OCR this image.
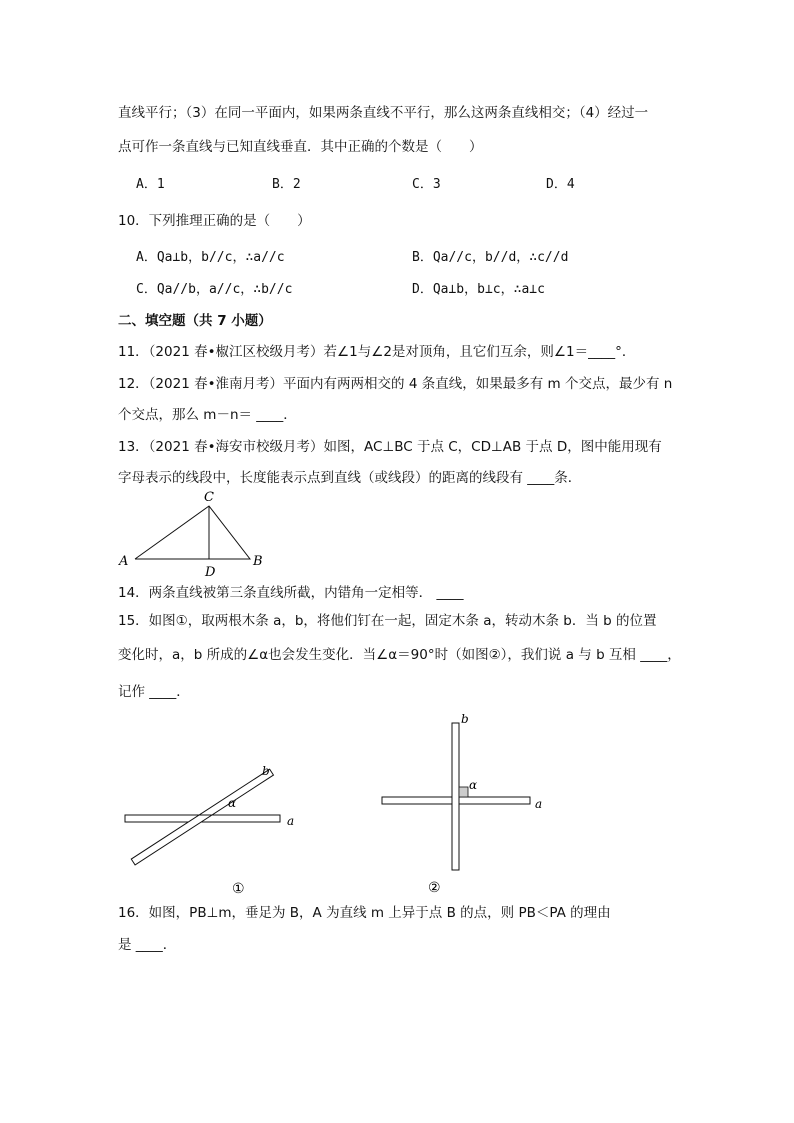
直线平行；（3）在同一平面内，如果两条直线不平行，那么这两条直线相交；（4）经过一
点可作一条直线与已知直线垂直．其中正确的个数是（　　）
A．1	B．2	C．3	D．4
10．下列推理正确的是（　　）
A．Qa⊥b，b//c，∴a//c	B．Qa//c，b//d，∴c//d
C．Qa//b，a//c，∴b//c	D．Qa⊥b，b⊥c，∴a⊥c
二、填空题（共 7 小题）
11．（2021 春•椒江区校级月考）若∠1与∠2是对顶角，且它们互余，则∠1＝____°．
12．（2021 春•淮南月考）平面内有两两相交的 4 条直线，如果最多有 m 个交点，最少有 n
个交点，那么 m－n＝ ____．
13．（2021 春•海安市校级月考）如图，AC⊥BC 于点 C，CD⊥AB 于点 D，图中能用现有
字母表示的线段中，长度能表示点到直线（或线段）的距离的线段有 ____条．
C
A
D
B
14．两条直线被第三条直线所截，内错角一定相等． ____
15．如图①，取两根木条 a，b，将他们钉在一起，固定木条 a，转动木条 b．当 b 的位置
变化时，a，b 所成的∠α也会发生变化．当∠α＝90°时（如图②），我们说 a 与 b 互相 ____，
记作 ____．
b
α
a
①
b
α
a
②
16．如图，PB⊥m，垂足为 B，A 为直线 m 上异于点 B 的点，则 PB＜PA 的理由
是 ____．
